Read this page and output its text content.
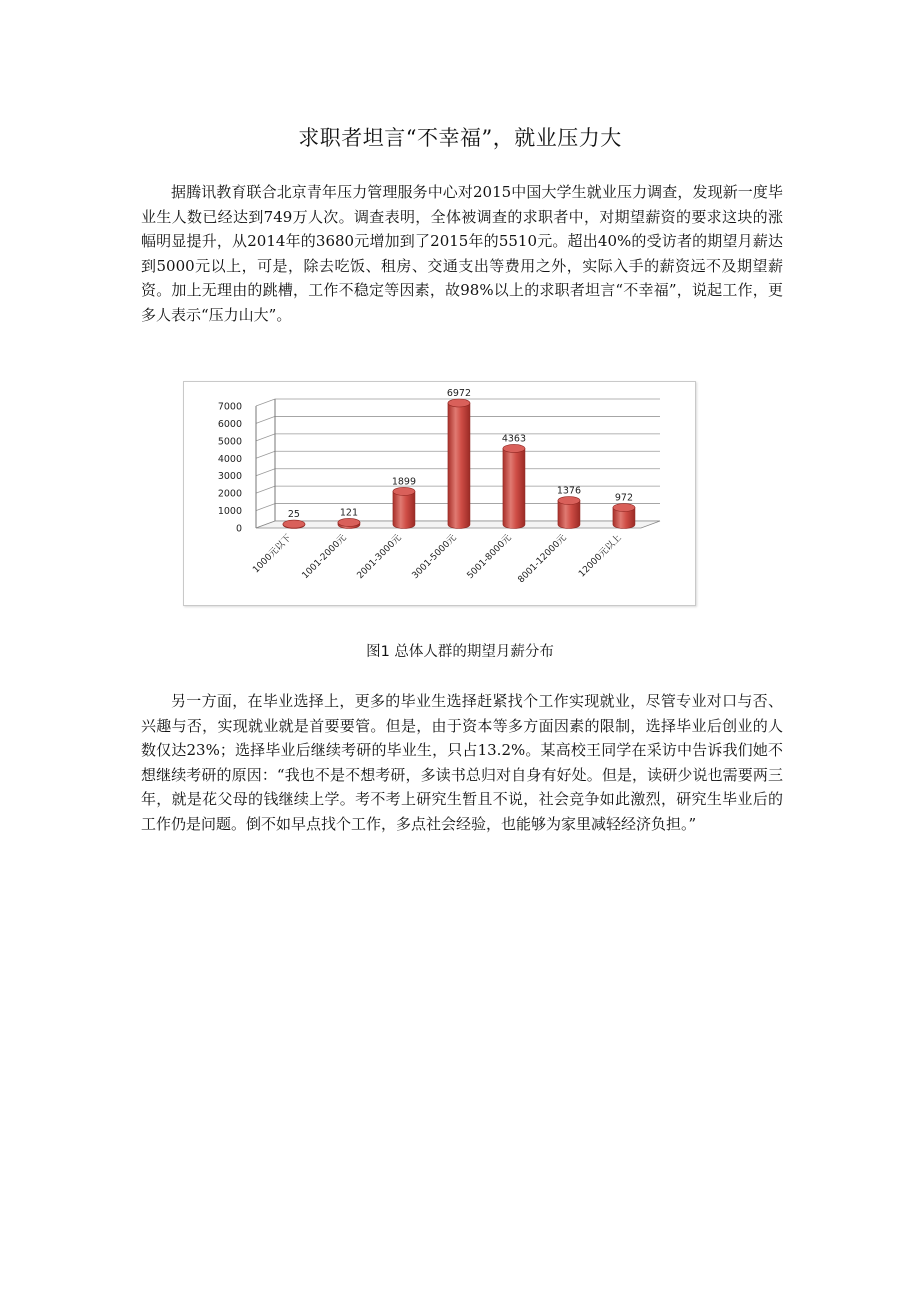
求职者坦言“不幸福”，就业压力大

据腾讯教育联合北京青年压力管理服务中心对2015中国大学生就业压力调查，发现新一度毕业生人数已经达到749万人次。调查表明，全体被调查的求职者中，对期望薪资的要求这块的涨幅明显提升，从2014年的3680元增加到了2015年的5510元。超出40%的受访者的期望月薪达到5000元以上，可是，除去吃饭、租房、交通支出等费用之外，实际入手的薪资远不及期望薪资。加上无理由的跳槽，工作不稳定等因素，故98%以上的求职者坦言“不幸福”，说起工作，更多人表示“压力山大”。

0
1000
2000
3000
4000
5000
6000
7000
25
1000元以下
121
1001-2000元
1899
2001-3000元
6972
3001-5000元
4363
5001-8000元
1376
8001-12000元
972
12000元以上
图1 总体人群的期望月薪分布

另一方面，在毕业选择上，更多的毕业生选择赶紧找个工作实现就业，尽管专业对口与否、兴趣与否，实现就业就是首要要管。但是，由于资本等多方面因素的限制，选择毕业后创业的人数仅达23%；选择毕业后继续考研的毕业生，只占13.2%。某高校王同学在采访中告诉我们她不想继续考研的原因：“我也不是不想考研，多读书总归对自身有好处。但是，读研少说也需要两三年，就是花父母的钱继续上学。考不考上研究生暂且不说，社会竞争如此激烈，研究生毕业后的工作仍是问题。倒不如早点找个工作，多点社会经验，也能够为家里减轻经济负担。”
